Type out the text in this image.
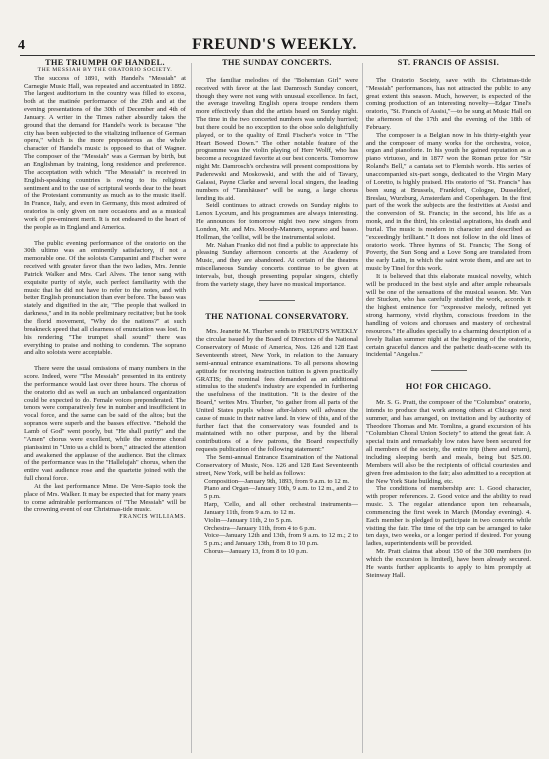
4	FREUND'S WEEKLY.

THE TRIUMPH OF HANDEL.

THE MESSIAH BY THE ORATORIO SOCIETY.

The success of 1891, with Handel's "Messiah" at Carnegie Music Hall, was repeated and accentuated in 1892. The largest auditorium in the country was filled to excess, both at the matinée performance of the 29th and at the evening presentations of the 30th of December and 4th of January. A writer in the Times rather absurdly takes the ground that the demand for Handel's work is because "the city has been subjected to the vitalizing influence of German opera," which is the more preposterous as the whole character of Handel's music is opposed to that of Wagner. The composer of the "Messiah" was a German by birth, but an Englishman by training, long residence and preference. The acceptation with which "The Messiah" is received in English-speaking countries is owing to its religious sentiment and to the use of scriptural words dear to the heart of the Protestant community as much as to the music itself. In France, Italy, and even in Germany, this most admired of oratorios is only given on rare occasions and as a musical work of pre-eminent merit. It is not endeared to the heart of the people as in England and America.

The public evening performance of the oratorio on the 30th ultimo was an eminently satisfactory, if not a memorable one. Of the soloists Campanini and Fischer were received with greater favor than the two ladies, Mrs. Jennie Patrick Walker and Mrs. Carl Alves. The tenor sang with exquisite purity of style, such perfect familiarity with the music that he did not have to refer to the notes, and with better English pronunciation than ever before. The basso was stately and dignified in the air, "The people that walked in darkness," and in its noble preliminary recitative; but he took the florid movement, "Why do the nations?" at such breakneck speed that all clearness of enunciation was lost. In his rendering "The trumpet shall sound" there was everything to praise and nothing to condemn. The soprano and alto soloists were acceptable.

There were the usual omissions of many numbers in the score. Indeed, were "The Messiah" presented in its entirety the performance would last over three hours. The chorus of the oratorio did as well as such an unbalanced organization could be expected to do. Female voices preponderated. The tenors were comparatively few in number and insufficient in vocal force, and the same can be said of the altos; but the sopranos were superb and the basses effective. "Behold the Lamb of God" went poorly, but "He shall purify" and the "Amen" chorus were excellent, while the extreme choral pianissimi in "Unto us a child is born," attracted the attention and awakened the applause of the audience. But the climax of the performance was in the "Hallelujah" chorus, when the entire vast audience rose and the quartette joined with the full choral force.

At the last performance Mme. De Vere-Sapio took the place of Mrs. Walker. It may be expected that for many years to come admirable performances of "The Messiah" will be the crowning event of our Christmas-tide music.

FRANCIS WILLIAMS.

THE SUNDAY CONCERTS.

The familiar melodies of the "Bohemian Girl" were received with favor at the last Damrosch Sunday concert, though they were not sung with unusual excellence. In fact, the average traveling English opera troupe renders them more effectively than did the artists heard on Sunday night. The time in the two concerted numbers was unduly hurried; but there could be no exception to the oboe solo delightfully played, or to the quality of Emil Fischer's voice in "The Heart Bowed Down." The other notable feature of the programme was the violin playing of Herr Wolff, who has become a recognized favorite at our best concerts. Tomorrow night Mr. Damrosch's orchestra will present compositions by Paderewski and Moskowski, and with the aid of Tavary, Galassi, Payne Clarke and several local singers, the leading numbers of "Tannhäuser" will be sung, a large chorus lending its aid.

Seidl continues to attract crowds on Sunday nights to Lenox Lyceum, and his programmes are always interesting. He announces for tomorrow night two new singers from London, Mr. and Mrs. Moody-Manners, soprano and basso. Hollman, the 'cellist, will be the instrumental soloist.

Mr. Nahan Franko did not find a public to appreciate his pleasing Sunday afternoon concerts at the Academy of Music, and they are abandoned. At certain of the theatres miscellaneous Sunday concerts continue to be given at intervals, but, though presenting popular singers, chiefly from the variety stage, they have no musical importance.

THE NATIONAL CONSERVATORY.

Mrs. Jeanette M. Thurber sends to FREUND'S WEEKLY the circular issued by the Board of Directors of the National Conservatory of Music of America, Nos. 126 and 128 East Seventeenth street, New York, in relation to the January semi-annual entrance examinations. To all persons showing aptitude for receiving instruction tuition is given practically GRATIS; the nominal fees demanded as an additional stimulus to the student's industry are expended in furthering the usefulness of the institution. "It is the desire of the Board," writes Mrs. Thurber, "to gather from all parts of the United States pupils whose after-labors will advance the cause of music in their native land. In view of this, and of the further fact that the conservatory was founded and is maintained with no other purpose, and by the liberal contributions of a few patrons, the Board respectfully requests publication of the following statement:"

The Semi-annual Entrance Examination of the National Conservatory of Music, Nos. 126 and 128 East Seventeenth street, New York, will be held as follows:

Composition—January 9th, 1893, from 9 a.m. to 12 m.

Piano and Organ—January 10th, 9 a.m. to 12 m., and 2 to 5 p.m.

Harp, 'Cello, and all other orchestral instruments—January 11th, from 9 a.m. to 12 m.

Violin—January 11th, 2 to 5 p.m.

Orchestra—January 11th, from 4 to 6 p.m.

Voice—January 12th and 13th, from 9 a.m. to 12 m.; 2 to 5 p.m.; and January 13th, from 8 to 10 p.m.

Chorus—January 13, from 8 to 10 p.m.

ST. FRANCIS OF ASSISI.

The Oratorio Society, save with its Christmas-tide "Messiah" performances, has not attracted the public to any great extent this season. Much, however, is expected of the coming production of an interesting novelty—Edgar Tinel's oratorio, "St. Francis of Assisi,"—to be sung at Music Hall on the afternoon of the 17th and the evening of the 18th of February.

The composer is a Belgian now in his thirty-eighth year and the composer of many works for the orchestra, voice, organ and pianoforte. In his youth he gained reputation as a piano virtuoso, and in 1877 won the Roman prize for "Sir Roland's Bell," a cantata set to Flemish words. His series of unaccompanied six-part songs, dedicated to the Virgin Mary of Loretto, is highly praised. His oratorio of "St. Francis" has been sung at Brussels, Frankfort, Cologne, Dusseldorf, Breslau, Wurzburg, Amsterdam and Copenhagen. In the first part of the work the subjects are the festivities at Assisi and the conversion of St. Francis; in the second, his life as a monk, and in the third, his celestial aspirations, his death and burial. The music is modern in character and described as "exceedingly brilliant." It does not follow in the old lines of oratorio work. Three hymns of St. Francis; The Song of Poverty, the Sun Song and a Love Song are translated from the early Latin, in which the saint wrote them, and are set to music by Tinel for this work.

It is believed that this elaborate musical novelty, which will be produced in the best style and after ample rehearsals will be one of the sensations of the musical season. Mr. Van der Stucken, who has carefully studied the work, accords it the highest eminence for "expressive melody, refined yet strong harmony, vivid rhythm, conscious freedom in the handling of voices and choruses and mastery of orchestral resources." He alludes specially to a charming description of a lovely Italian summer night at the beginning of the oratorio, certain graceful dances and the pathetic death-scene with its incidental "Angelus."

HO! FOR CHICAGO.

Mr. S. G. Pratt, the composer of the "Columbus" oratorio, intends to produce that work among others at Chicago next summer, and has arranged, on invitation and by authority of Theodore Thomas and Mr. Tomlins, a grand excursion of his "Columbian Choral Union Society" to attend the great fair. A special train and remarkably low rates have been secured for all members of the society, the entire trip (there and return), including sleeping berth and meals, being but $25.00. Members will also be the recipients of official courtesies and given free admission to the fair; also admitted to a reception at the New York State building, etc.

The conditions of membership are: 1. Good character, with proper references. 2. Good voice and the ability to read music. 3. The regular attendance upon ten rehearsals, commencing the first week in March (Monday evening). 4. Each member is pledged to participate in two concerts while visiting the fair. The time of the trip can be arranged to take ten days, two weeks, or a longer period if desired. For young ladies, superintendents will be provided.

Mr. Pratt claims that about 150 of the 300 members (to which the excursion is limited), have been already secured. He wants further applicants to apply to him promptly at Steinway Hall.
